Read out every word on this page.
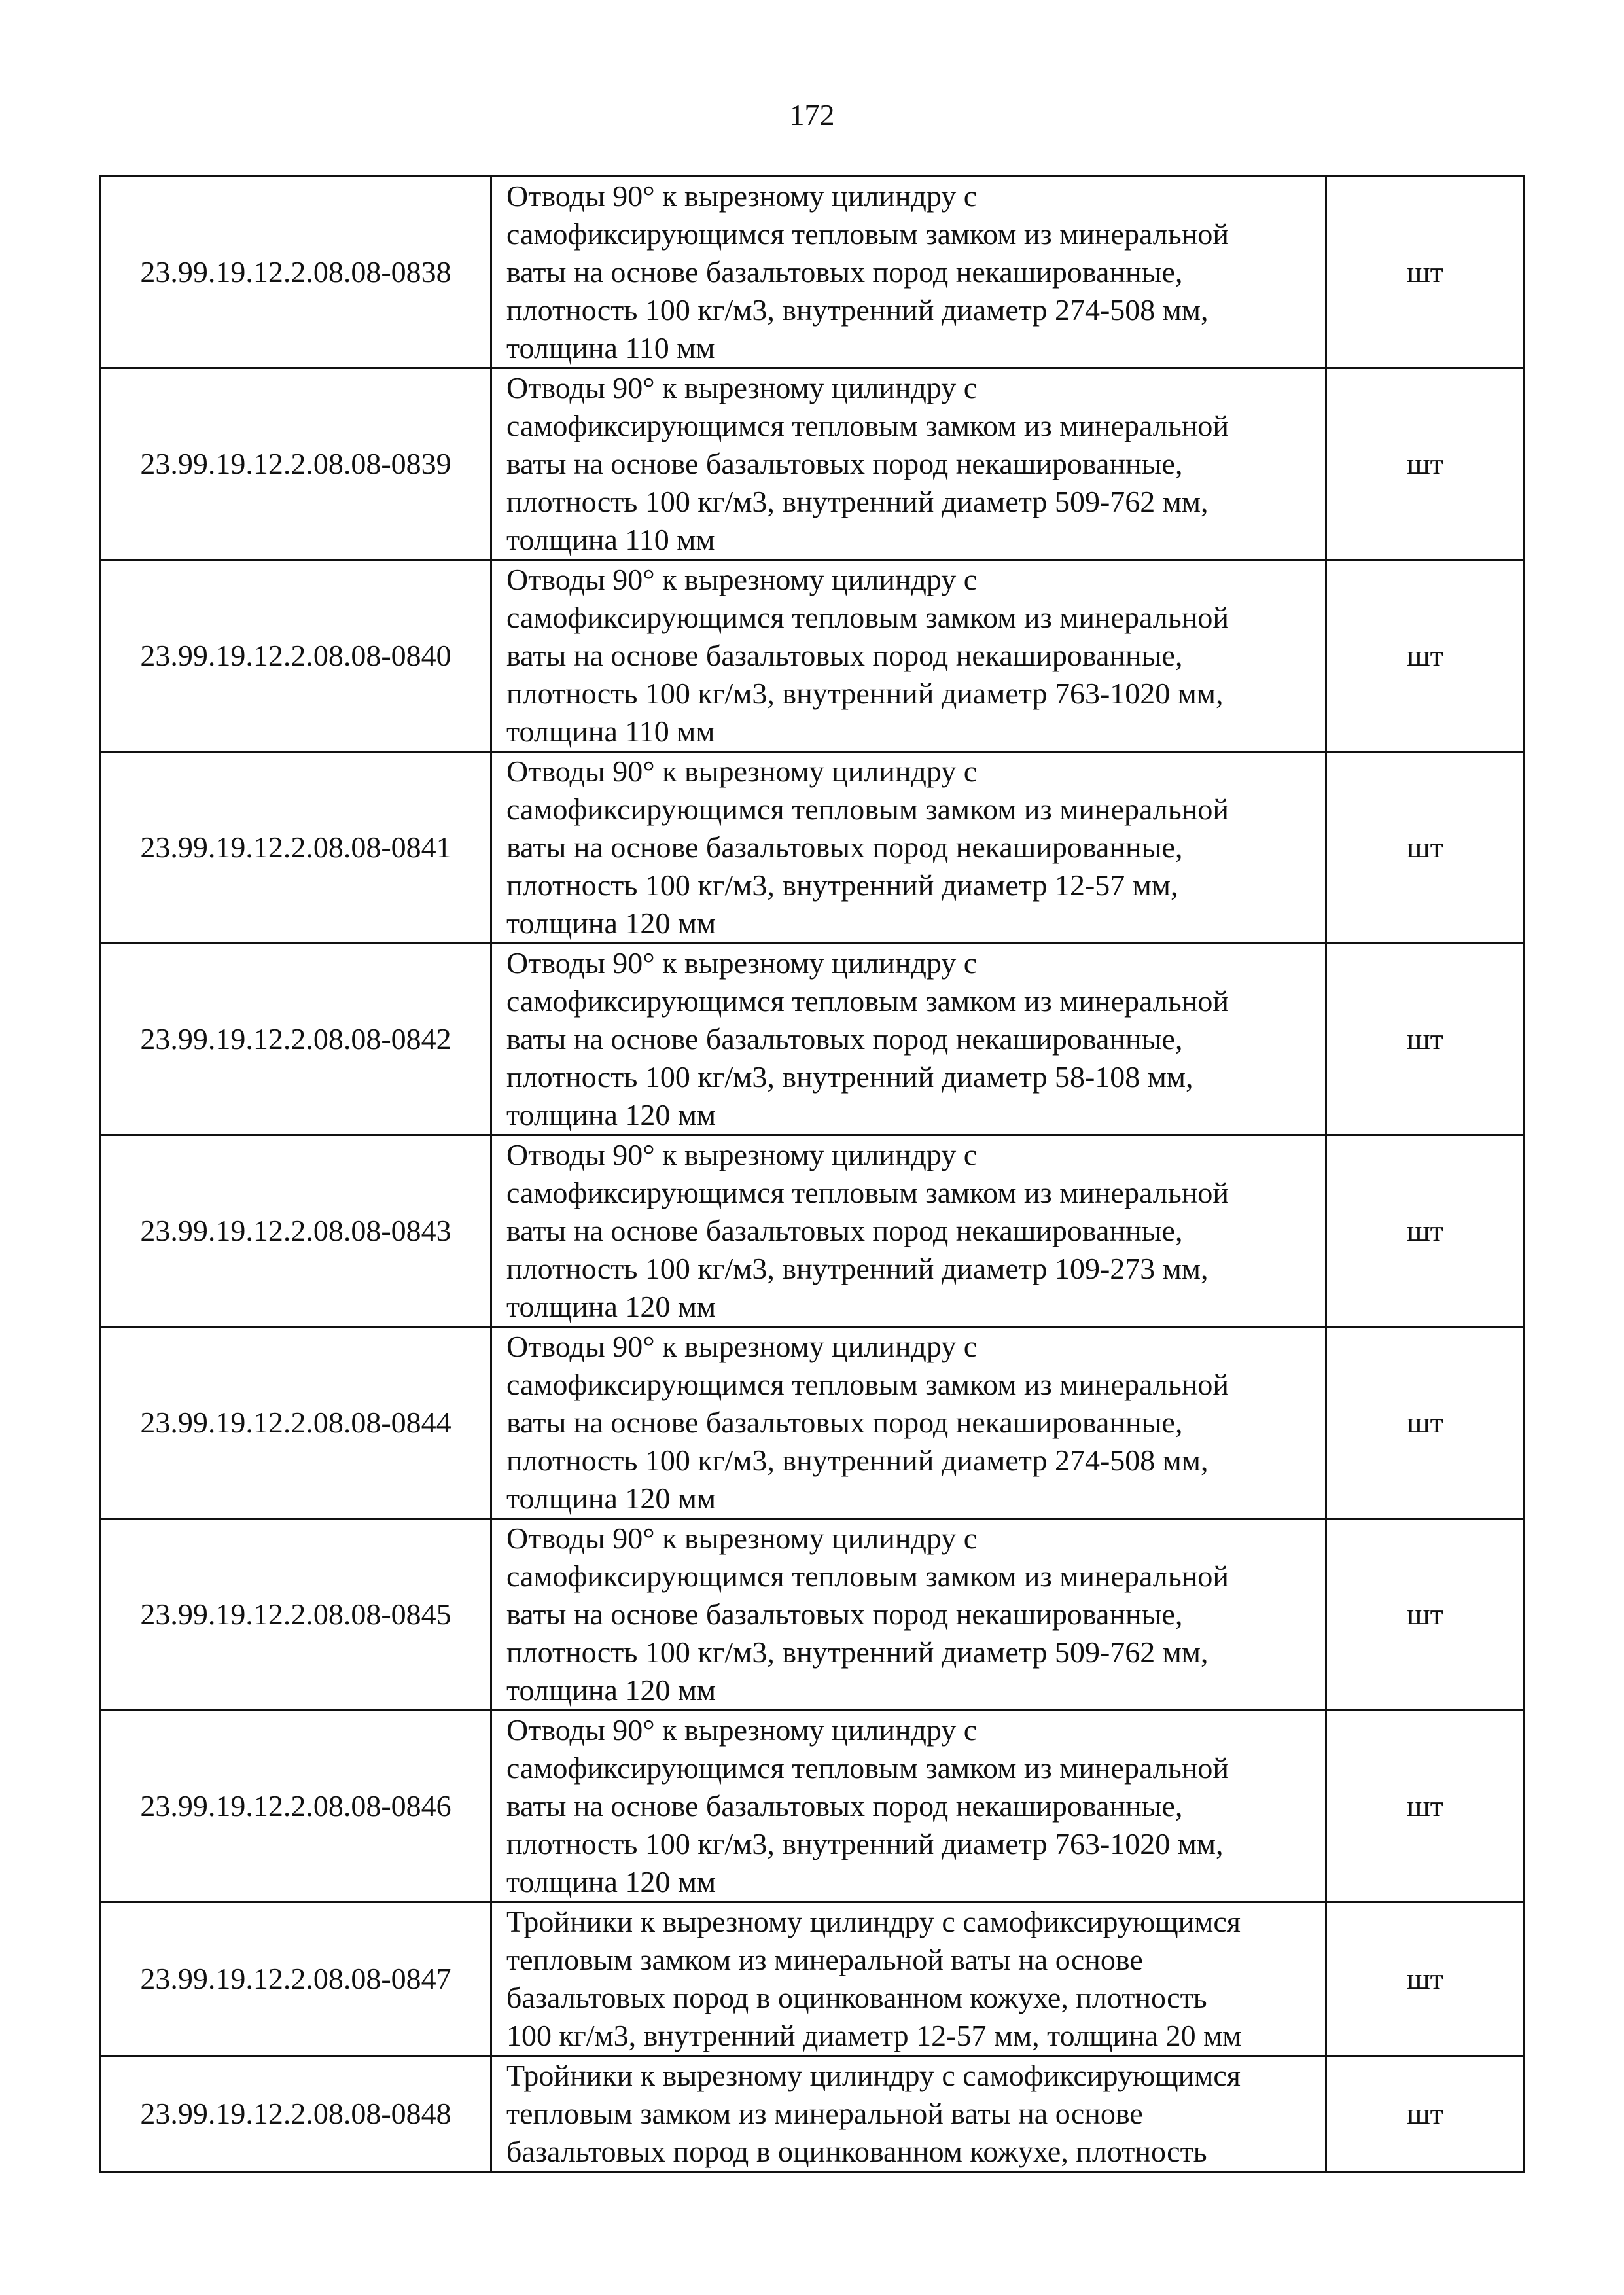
172
23.99.19.12.2.08.08-0838	Отводы 90° к вырезному цилиндру с
самофиксирующимся тепловым замком из минеральной
ваты на основе базальтовых пород некашированные,
плотность 100 кг/м3, внутренний диаметр 274-508 мм,
толщина 110 мм	шт
23.99.19.12.2.08.08-0839	Отводы 90° к вырезному цилиндру с
самофиксирующимся тепловым замком из минеральной
ваты на основе базальтовых пород некашированные,
плотность 100 кг/м3, внутренний диаметр 509-762 мм,
толщина 110 мм	шт
23.99.19.12.2.08.08-0840	Отводы 90° к вырезному цилиндру с
самофиксирующимся тепловым замком из минеральной
ваты на основе базальтовых пород некашированные,
плотность 100 кг/м3, внутренний диаметр 763-1020 мм,
толщина 110 мм	шт
23.99.19.12.2.08.08-0841	Отводы 90° к вырезному цилиндру с
самофиксирующимся тепловым замком из минеральной
ваты на основе базальтовых пород некашированные,
плотность 100 кг/м3, внутренний диаметр 12-57 мм,
толщина 120 мм	шт
23.99.19.12.2.08.08-0842	Отводы 90° к вырезному цилиндру с
самофиксирующимся тепловым замком из минеральной
ваты на основе базальтовых пород некашированные,
плотность 100 кг/м3, внутренний диаметр 58-108 мм,
толщина 120 мм	шт
23.99.19.12.2.08.08-0843	Отводы 90° к вырезному цилиндру с
самофиксирующимся тепловым замком из минеральной
ваты на основе базальтовых пород некашированные,
плотность 100 кг/м3, внутренний диаметр 109-273 мм,
толщина 120 мм	шт
23.99.19.12.2.08.08-0844	Отводы 90° к вырезному цилиндру с
самофиксирующимся тепловым замком из минеральной
ваты на основе базальтовых пород некашированные,
плотность 100 кг/м3, внутренний диаметр 274-508 мм,
толщина 120 мм	шт
23.99.19.12.2.08.08-0845	Отводы 90° к вырезному цилиндру с
самофиксирующимся тепловым замком из минеральной
ваты на основе базальтовых пород некашированные,
плотность 100 кг/м3, внутренний диаметр 509-762 мм,
толщина 120 мм	шт
23.99.19.12.2.08.08-0846	Отводы 90° к вырезному цилиндру с
самофиксирующимся тепловым замком из минеральной
ваты на основе базальтовых пород некашированные,
плотность 100 кг/м3, внутренний диаметр 763-1020 мм,
толщина 120 мм	шт
23.99.19.12.2.08.08-0847	Тройники к вырезному цилиндру с самофиксирующимся
тепловым замком из минеральной ваты на основе
базальтовых пород в оцинкованном кожухе, плотность
100 кг/м3, внутренний диаметр 12-57 мм, толщина 20 мм	шт
23.99.19.12.2.08.08-0848	Тройники к вырезному цилиндру с самофиксирующимся
тепловым замком из минеральной ваты на основе
базальтовых пород в оцинкованном кожухе, плотность	шт
